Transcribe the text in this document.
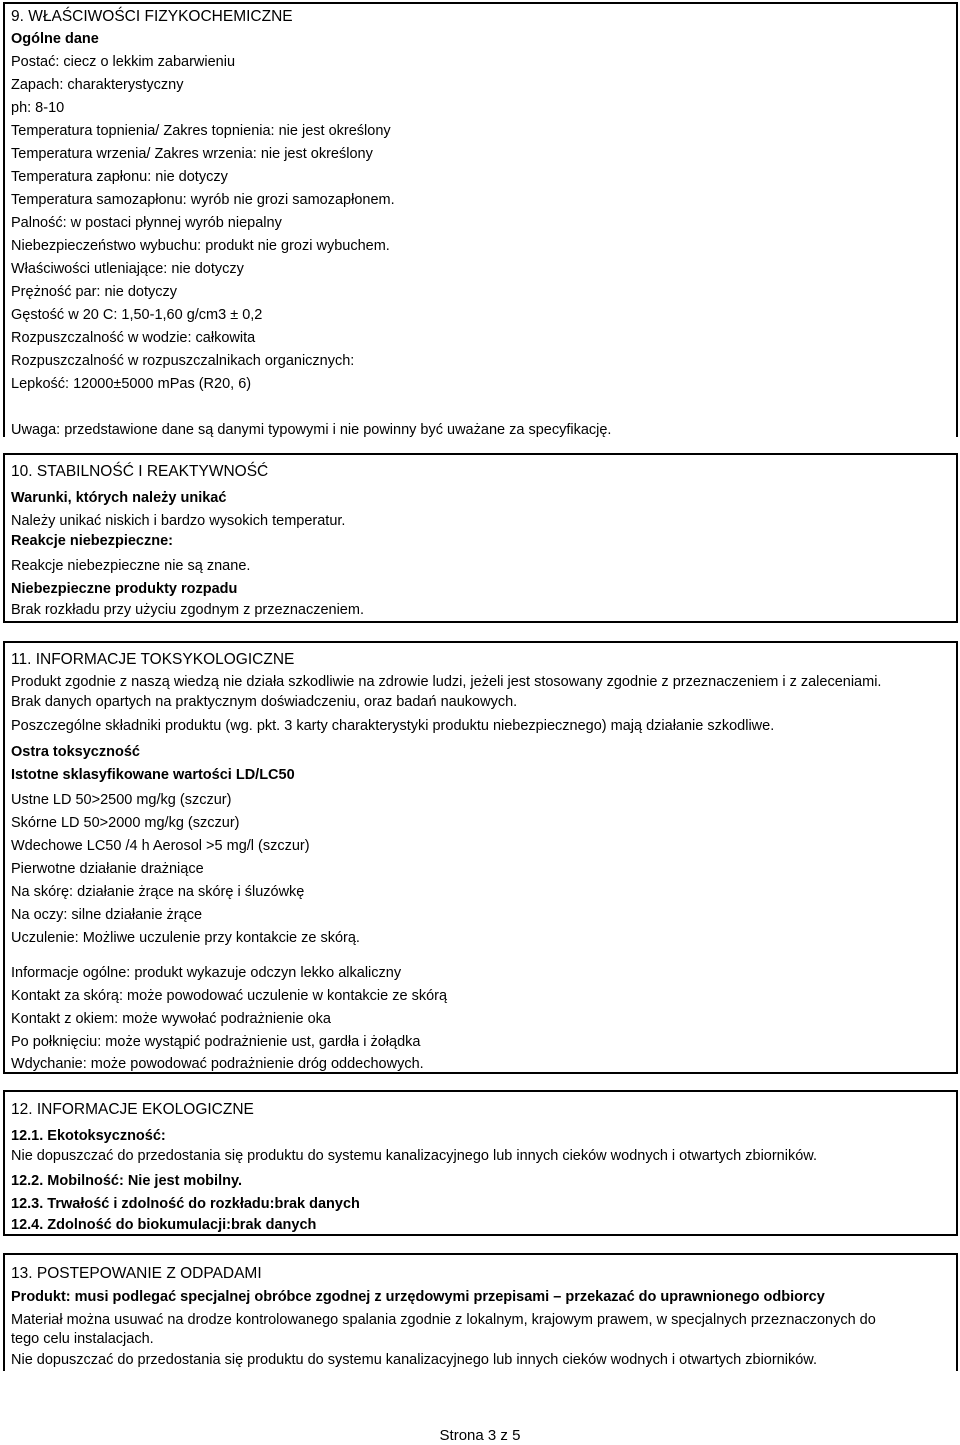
9. WŁAŚCIWOŚCI FIZYKOCHEMICZNE
Ogólne dane
Postać: ciecz o lekkim zabarwieniu
Zapach: charakterystyczny
ph: 8-10
Temperatura topnienia/ Zakres topnienia: nie jest określony
Temperatura wrzenia/ Zakres wrzenia: nie jest określony
Temperatura zapłonu: nie dotyczy
Temperatura samozapłonu: wyrób nie grozi samozapłonem.
Palność: w postaci płynnej wyrób niepalny
Niebezpieczeństwo wybuchu: produkt nie grozi wybuchem.
Właściwości utleniające: nie dotyczy
Prężność par: nie dotyczy
Gęstość w 20 C: 1,50-1,60 g/cm3 ± 0,2
Rozpuszczalność w wodzie: całkowita
Rozpuszczalność w rozpuszczalnikach organicznych:
Lepkość: 12000±5000 mPas (R20, 6)
Uwaga: przedstawione dane są danymi typowymi i nie powinny być uważane za specyfikację.
10. STABILNOŚĆ I REAKTYWNOŚĆ
Warunki, których należy unikać
Należy unikać niskich i bardzo wysokich temperatur.
Reakcje niebezpieczne:
Reakcje niebezpieczne nie są znane.
Niebezpieczne produkty rozpadu
Brak rozkładu przy użyciu zgodnym z przeznaczeniem.
11. INFORMACJE TOKSYKOLOGICZNE
Produkt zgodnie z naszą wiedzą nie działa szkodliwie na zdrowie ludzi, jeżeli jest stosowany zgodnie z przeznaczeniem i z zaleceniami.
Brak danych opartych na praktycznym doświadczeniu, oraz badań naukowych.
Poszczególne składniki produktu (wg. pkt. 3 karty charakterystyki produktu niebezpiecznego) mają działanie szkodliwe.
Ostra toksyczność
Istotne sklasyfikowane wartości LD/LC50
Ustne LD 50>2500 mg/kg (szczur)
Skórne LD 50>2000 mg/kg (szczur)
Wdechowe LC50 /4 h Aerosol >5 mg/l (szczur)
Pierwotne działanie drażniące
Na skórę: działanie żrące na skórę i śluzówkę
Na oczy: silne działanie żrące
Uczulenie: Możliwe uczulenie przy kontakcie ze skórą.
Informacje ogólne: produkt wykazuje odczyn lekko alkaliczny
Kontakt za skórą: może powodować uczulenie w kontakcie ze skórą
Kontakt z okiem: może wywołać podrażnienie oka
Po połknięciu: może wystąpić podrażnienie ust, gardła i żołądka
Wdychanie: może powodować podrażnienie dróg oddechowych.
12. INFORMACJE EKOLOGICZNE
12.1. Ekotoksyczność:
Nie dopuszczać do przedostania się produktu do systemu kanalizacyjnego lub innych cieków wodnych i otwartych zbiorników.
12.2. Mobilność: Nie jest mobilny.
12.3. Trwałość i zdolność do rozkładu:brak danych
12.4. Zdolność do biokumulacji:brak danych
13. POSTEPOWANIE Z ODPADAMI
Produkt: musi podlegać specjalnej obróbce zgodnej z urzędowymi przepisami – przekazać do uprawnionego odbiorcy
Materiał można usuwać na drodze kontrolowanego spalania zgodnie z lokalnym, krajowym prawem, w specjalnych przeznaczonych do
tego celu instalacjach.
Nie dopuszczać do przedostania się produktu do systemu kanalizacyjnego lub innych cieków wodnych i otwartych zbiorników.
Strona 3 z 5
